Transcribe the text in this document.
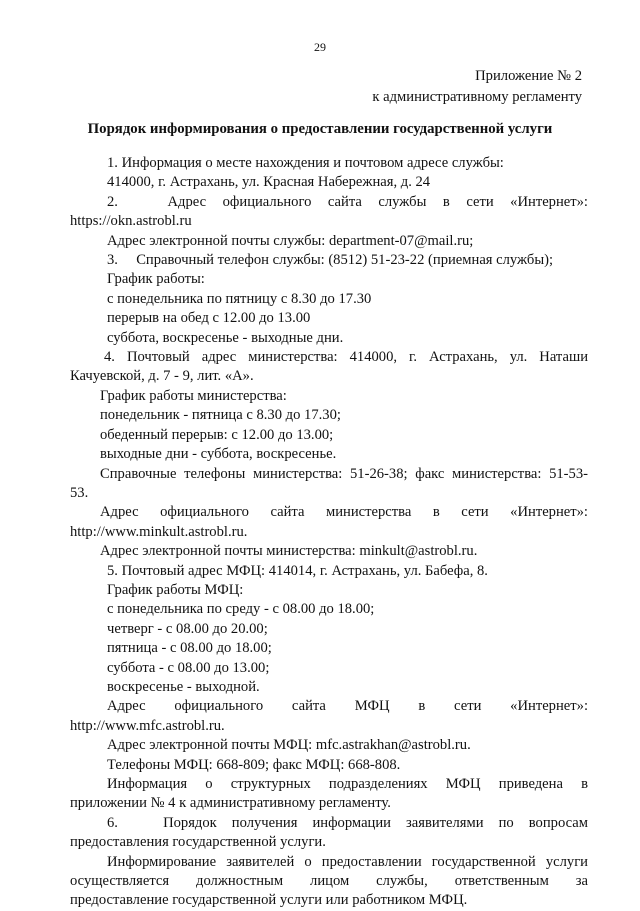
29
Приложение № 2
к административному регламенту
Порядок информирования о предоставлении государственной услуги

1. Информация о месте нахождения и почтовом адресе службы:

414000, г. Астрахань, ул. Красная Набережная, д. 24

2.   Адрес официального сайта службы в сети «Интернет»:

https://okn.astrobl.ru

Адрес электронной почты службы: department-07@mail.ru;

3.     Справочный телефон службы: (8512) 51-23-22 (приемная службы);

График работы:

с понедельника по пятницу с 8.30 до 17.30

перерыв на обед с 12.00 до 13.00

суббота, воскресенье - выходные дни.

4. Почтовый адрес министерства: 414000, г. Астрахань, ул. Наташи

Качуевской, д. 7 - 9, лит. «А».

График работы министерства:

понедельник - пятница с 8.30 до 17.30;

обеденный перерыв: с 12.00 до 13.00;

выходные дни - суббота, воскресенье.

Справочные телефоны министерства: 51-26-38; факс министерства: 51-53-

53.

Адрес официального сайта министерства в сети «Интернет»:

http://www.minkult.astrobl.ru.

Адрес электронной почты министерства: minkult@astrobl.ru.

5. Почтовый адрес МФЦ: 414014, г. Астрахань, ул. Бабефа, 8.

График работы МФЦ:

с понедельника по среду - с 08.00 до 18.00;

четверг - с 08.00 до 20.00;

пятница - с 08.00 до 18.00;

суббота - с 08.00 до 13.00;

воскресенье - выходной.

Адрес официального сайта МФЦ в сети «Интернет»:

http://www.mfc.astrobl.ru.

Адрес электронной почты МФЦ: mfc.astrakhan@astrobl.ru.

Телефоны МФЦ: 668-809; факс МФЦ: 668-808.

Информация о структурных подразделениях МФЦ приведена в

приложении № 4 к административному регламенту.

6.   Порядок получения информации заявителями по вопросам

предоставления государственной услуги.

Информирование заявителей о предоставлении государственной услуги

осуществляется должностным лицом службы, ответственным за

предоставление государственной услуги или работником МФЦ.
